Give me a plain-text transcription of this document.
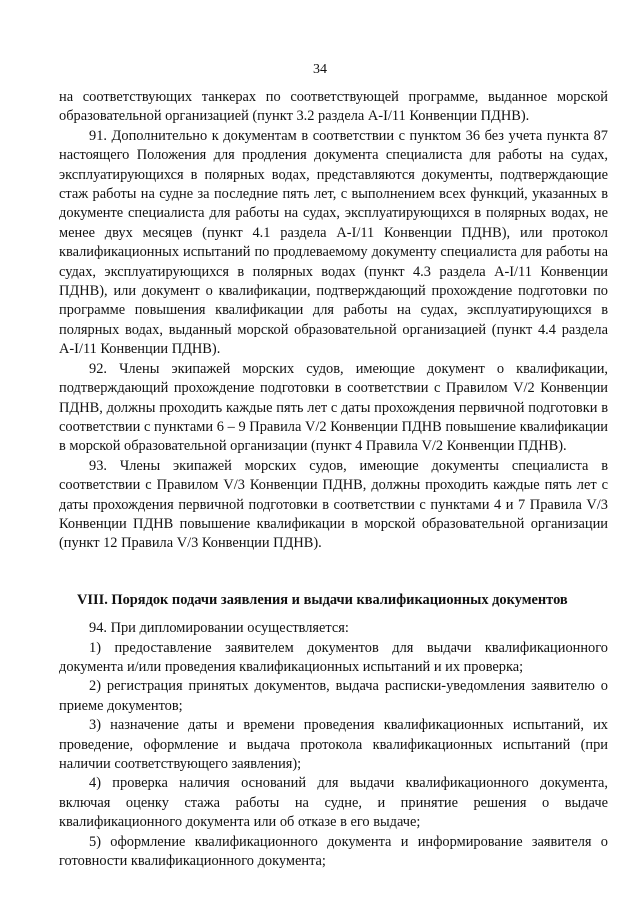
34

на соответствующих танкерах по соответствующей программе, выданное морской образовательной организацией (пункт 3.2 раздела A-I/11 Конвенции ПДНВ).

91. Дополнительно к документам в соответствии с пунктом 36 без учета пункта 87 настоящего Положения для продления документа специалиста для работы на судах, эксплуатирующихся в полярных водах, представляются документы, подтверждающие стаж работы на судне за последние пять лет, с выполнением всех функций, указанных в документе специалиста для работы на судах, эксплуатирующихся в полярных водах, не менее двух месяцев (пункт 4.1 раздела A-I/11 Конвенции ПДНВ), или протокол квалификационных испытаний по продлеваемому документу специалиста для работы на судах, эксплуатирующихся в полярных водах (пункт 4.3 раздела A-I/11 Конвенции ПДНВ), или документ о квалификации, подтверждающий прохождение подготовки по программе повышения квалификации для работы на судах, эксплуатирующихся в полярных водах, выданный морской образовательной организацией (пункт 4.4 раздела A-I/11 Конвенции ПДНВ).

92. Члены экипажей морских судов, имеющие документ о квалификации, подтверждающий прохождение подготовки в соответствии с Правилом V/2 Конвенции ПДНВ, должны проходить каждые пять лет с даты прохождения первичной подготовки в соответствии с пунктами 6 – 9 Правила V/2 Конвенции ПДНВ повышение квалификации в морской образовательной организации (пункт 4 Правила V/2 Конвенции ПДНВ).

93. Члены экипажей морских судов, имеющие документы специалиста в соответствии с Правилом V/3 Конвенции ПДНВ, должны проходить каждые пять лет с даты прохождения первичной подготовки в соответствии с пунктами 4 и 7 Правила V/3 Конвенции ПДНВ повышение квалификации в морской образовательной организации (пункт 12 Правила V/3 Конвенции ПДНВ).

VIII. Порядок подачи заявления и выдачи квалификационных документов

94. При дипломировании осуществляется:

1) предоставление заявителем документов для выдачи квалификационного документа и/или проведения квалификационных испытаний и их проверка;

2) регистрация принятых документов, выдача расписки-уведомления заявителю о приеме документов;

3) назначение даты и времени проведения квалификационных испытаний, их проведение, оформление и выдача протокола квалификационных испытаний (при наличии соответствующего заявления);

4) проверка наличия оснований для выдачи квалификационного документа, включая оценку стажа работы на судне, и принятие решения о выдаче квалификационного документа или об отказе в его выдаче;

5) оформление квалификационного документа и информирование заявителя о готовности квалификационного документа;
